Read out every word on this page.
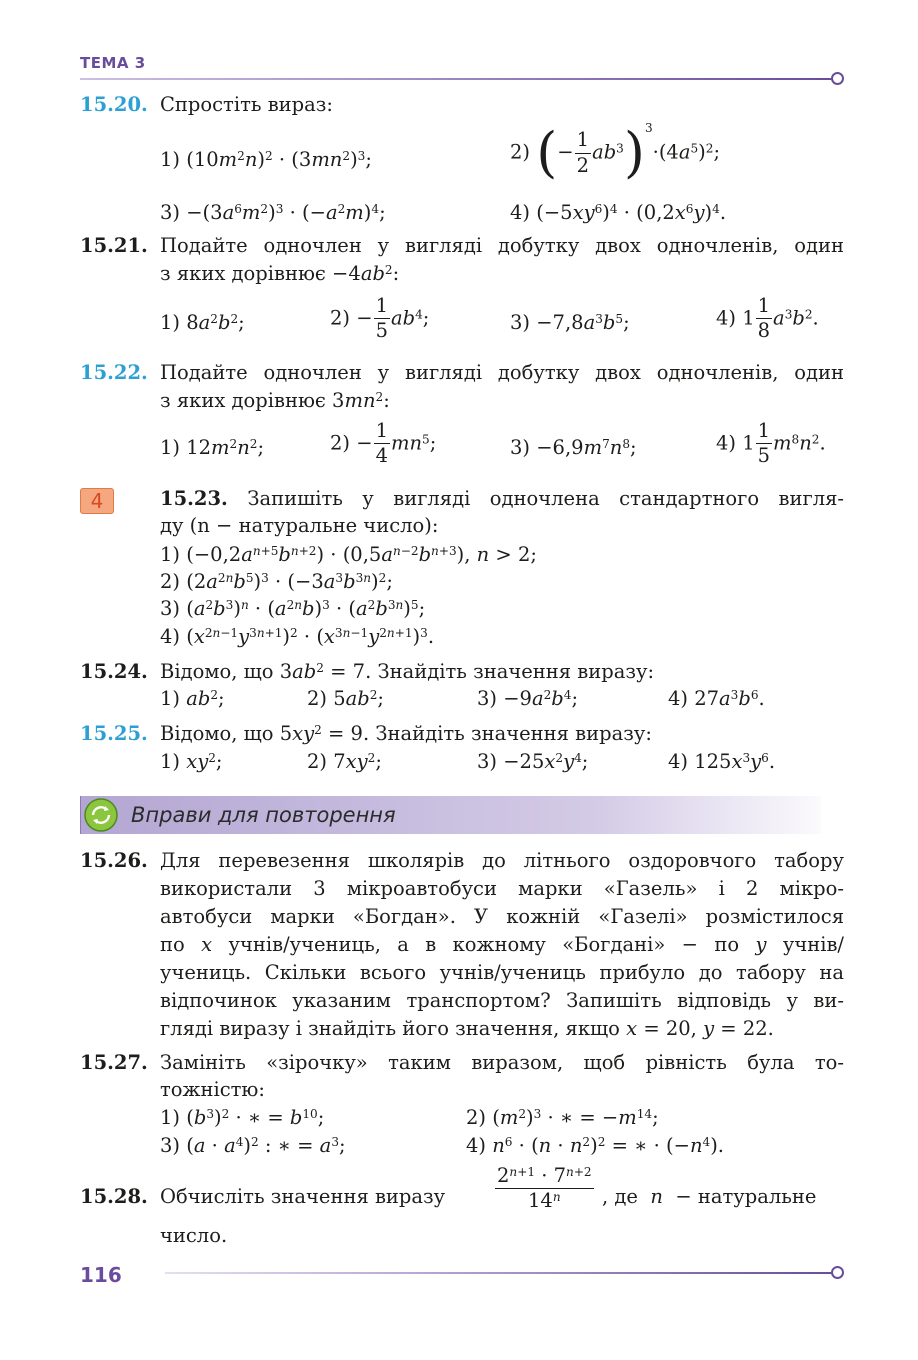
ТЕМА 3
15.20. Спростіть вираз:
1) $(10m^2n)^2 \cdot (3mn^2)^3$;	2) (− $\frac{1}{2} ab^3)^3\cdot(4a^5)^2$;
$3) -(3a^6m^2)^3 \cdot (-a^2m)^4$;	4) $(-5xy^6)^4 \cdot (0,2x^6y)^4$.
15.21. Подайте одночлен у вигляді добутку двох одночленів, один
з яких дорівнює $-4ab^2$:
1) $8a^2b^2$;	$2) - \frac{1}{5} ab^4$;	$3) -7,8a^3b^5$;	4) $1 \frac{1}{8} a^3b^2$.
15.22. Подайте одночлен у вигляді добутку двох одночленів, один
з яких дорівнює $3mn^2$:
1) $12m^2n^2$;	$2) - \frac{1}{4} mn^5$;	$3) -6,9m^7n^8$;	4) $1 \frac{1}{5} m^8n^2$.
4	15.23. Запишіть у вигляді одночлена стандартного вигля-
ду (n − натуральне число):
1) $(-0,2a^{n+5}b^{n+2}) \cdot (0,5a^{n-2}b^{n+3})$, n > 2;
2) $(2a^{2n}b^5)^3 \cdot (-3a^3b^{3n})^2$;
3) $(a^2b^3)^n \cdot (a^{2n}b)^3 \cdot (a^2b^{3n})^5$;
4) $(x^{2n-1}y^{3n+1})^2 \cdot (x^{3n-1}y^{2n+1})^3$.
15.24. Відомо, що $3ab^2 = 7$. Знайдіть значення виразу:
1) $ab^2$;	2) $5ab^2$;	$3) -9a^2b^4$;	4) $27a^3b^6$.
15.25. Відомо, що $5xy^2 = 9$. Знайдіть значення виразу:
1) $xy^2$;	2) $7xy^2$;	$3) -25x^2y^4$;	4) $125x^3y^6$.
Вправи для повторення
15.26. Для перевезення школярів до літнього оздоровчого табору
використали 3 мікроавтобуси марки «Газель» і 2 мікро-
автобуси марки «Богдан». У кожній «Газелі» розмістилося
по x учнів/учениць, а в кожному «Богдані» − по y учнів/
учениць. Скільки всього учнів/учениць прибуло до табору на
відпочинок указаним транспортом? Запишіть відповідь у ви-
гляді виразу і знайдіть його значення, якщо x = 20, y = 22.
15.27. Замініть «зірочку» таким виразом, щоб рівність була то-
тожністю:
1) $(b^3)^2$ · ∗ = $b^{10}$;	2) $(m^2)^3$ · ∗ = $-m^{14}$;
3) $(a \cdot a^4)^2$ : ∗ = $a^3$;	4) $n^6 \cdot (n \cdot n^2)^2$ = ∗ · $(-n^4)$.
15.28. Обчисліть значення виразу	$\frac{2^{n+1} \cdot 7^{n+2}}{14^n}$ , де n − натуральне
число.
116
